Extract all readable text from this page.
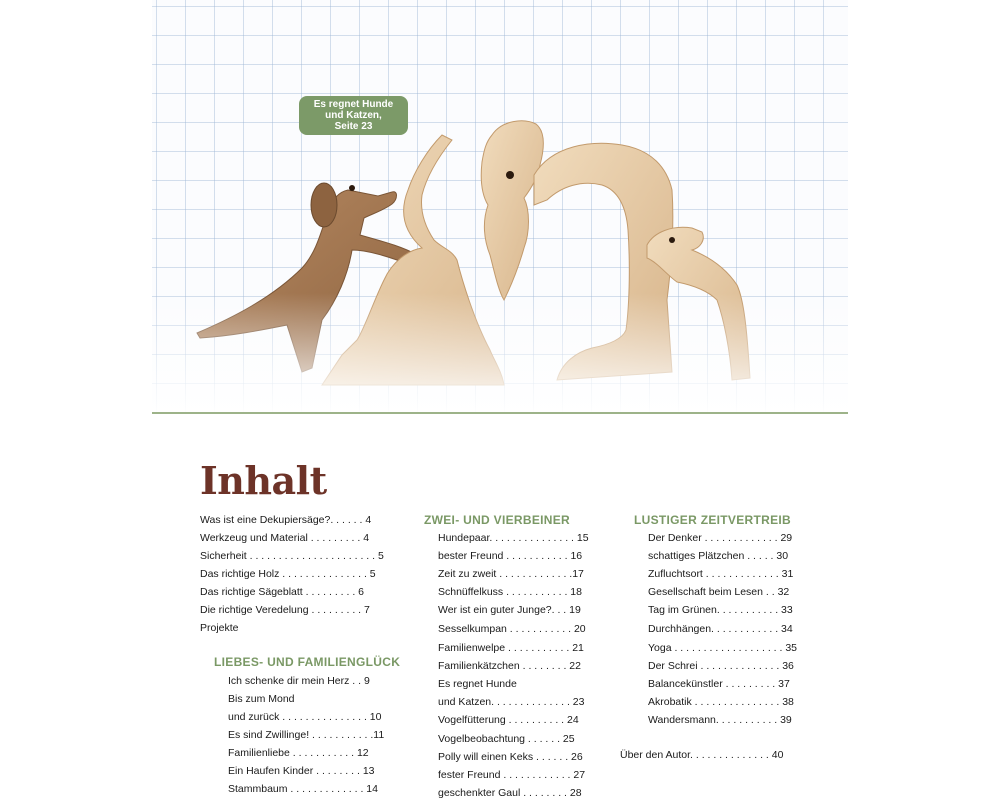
Es regnet Hunde
und Katzen,
Seite 23
Inhalt
Was ist eine Dekupiersäge?. . . . . . 4
Werkzeug und Material . . . . . . . . . 4
Sicherheit . . . . . . . . . . . . . . . . . . . . . . 5
Das richtige Holz . . . . . . . . . . . . . . . 5
Das richtige Sägeblatt . . . . . . . . . 6
Die richtige Veredelung . . . . . . . . . 7
Projekte
LIEBES- UND FAMILIENGLÜCK
Ich schenke dir mein Herz . . 9
Bis zum Mond
und zurück . . . . . . . . . . . . . . . 10
Es sind Zwillinge! . . . . . . . . . . .11
Familienliebe . . . . . . . . . . . 12
Ein Haufen Kinder . . . . . . . . 13
Stammbaum . . . . . . . . . . . . . 14
ZWEI- UND VIERBEINER
Hundepaar. . . . . . . . . . . . . . . 15
bester Freund . . . . . . . . . . . 16
Zeit zu zweit . . . . . . . . . . . . .17
Schnüffelkuss . . . . . . . . . . . 18
Wer ist ein guter Junge?. . . 19
Sesselkumpan . . . . . . . . . . . 20
Familienwelpe . . . . . . . . . . . 21
Familienkätzchen . . . . . . . . 22
Es regnet Hunde
und Katzen. . . . . . . . . . . . . . 23
Vogelfütterung . . . . . . . . . . 24
Vogelbeobachtung . . . . . . 25
Polly will einen Keks . . . . . . 26
fester Freund . . . . . . . . . . . . 27
geschenkter Gaul . . . . . . . . 28
LUSTIGER ZEITVERTREIB
Der Denker . . . . . . . . . . . . . 29
schattiges Plätzchen . . . . . 30
Zufluchtsort . . . . . . . . . . . . . 31
Gesellschaft beim Lesen . . 32
Tag im Grünen. . . . . . . . . . . 33
Durchhängen. . . . . . . . . . . . 34
Yoga . . . . . . . . . . . . . . . . . . . 35
Der Schrei . . . . . . . . . . . . . . 36
Balancekünstler . . . . . . . . . 37
Akrobatik . . . . . . . . . . . . . . . 38
Wandersmann. . . . . . . . . . . 39
Über den Autor. . . . . . . . . . . . . . 40
